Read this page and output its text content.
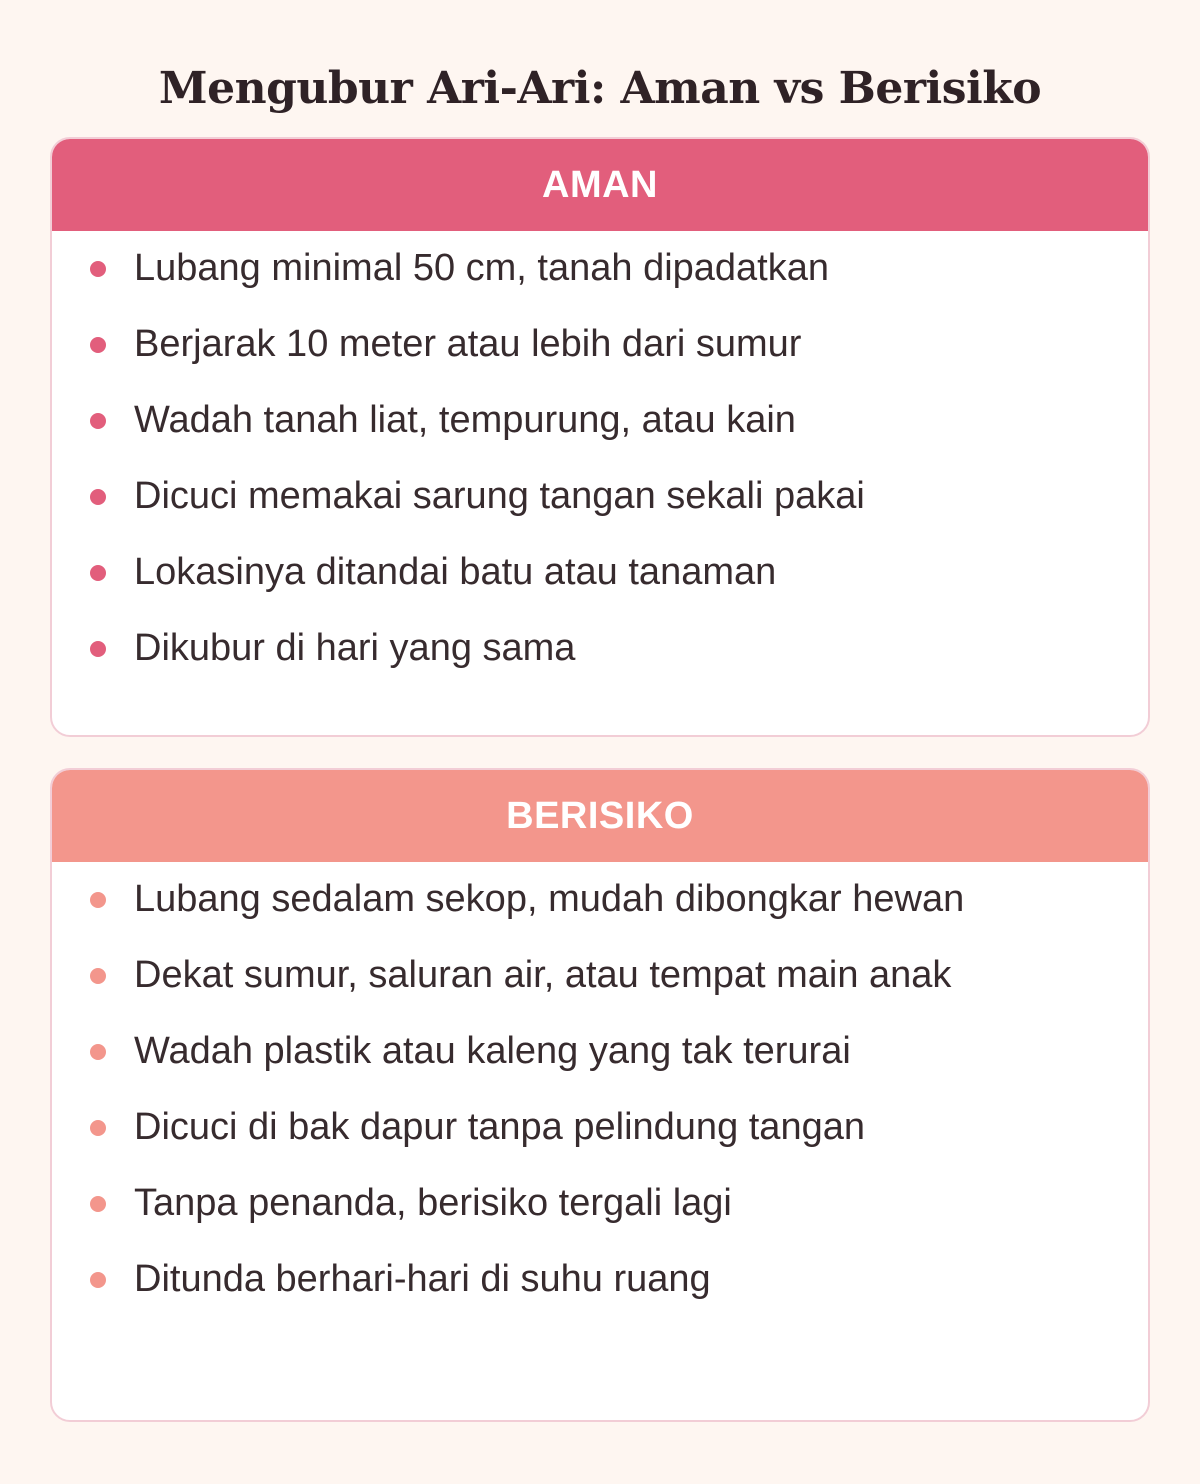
Mengubur Ari-Ari: Aman vs Berisiko
AMAN
Lubang minimal 50 cm, tanah dipadatkan
Berjarak 10 meter atau lebih dari sumur
Wadah tanah liat, tempurung, atau kain
Dicuci memakai sarung tangan sekali pakai
Lokasinya ditandai batu atau tanaman
Dikubur di hari yang sama
BERISIKO
Lubang sedalam sekop, mudah dibongkar hewan
Dekat sumur, saluran air, atau tempat main anak
Wadah plastik atau kaleng yang tak terurai
Dicuci di bak dapur tanpa pelindung tangan
Tanpa penanda, berisiko tergali lagi
Ditunda berhari-hari di suhu ruang
